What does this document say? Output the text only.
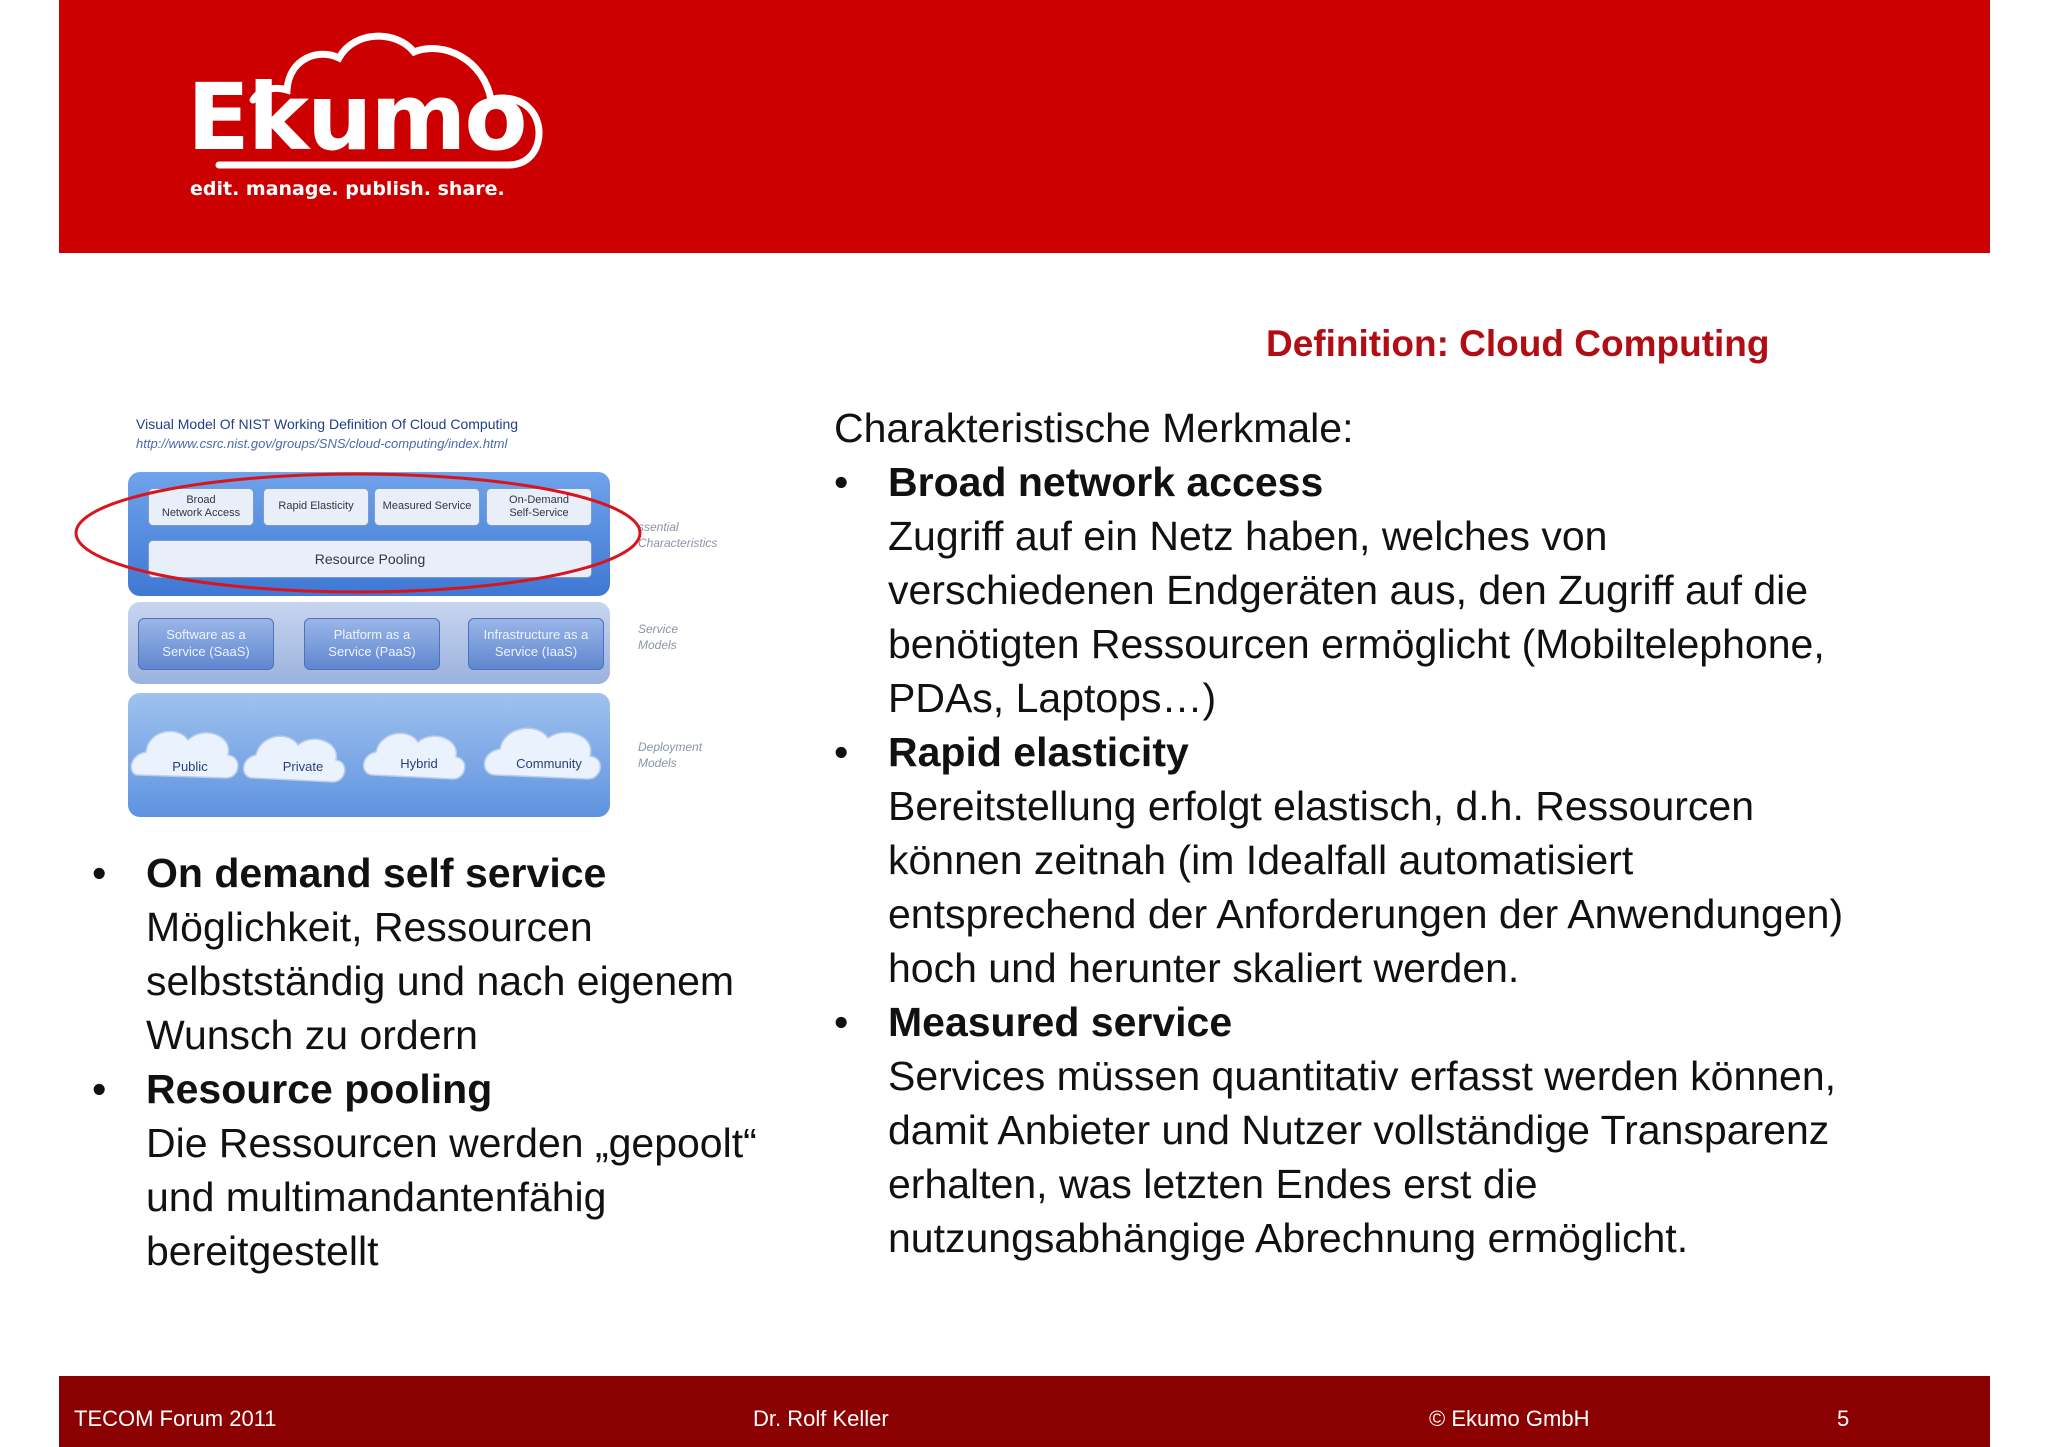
Ekumo
edit. manage. publish. share.
Definition: Cloud Computing
Visual Model Of NIST Working Definition Of Cloud Computing
http://www.csrc.nist.gov/groups/SNS/cloud-computing/index.html
Broad
Network Access
Rapid Elasticity	Measured Service
On-Demand
Self-Service
Resource Pooling
Software as a
Service (SaaS)
Platform as a
Service (PaaS)
Infrastructure as a
Service (IaaS)
Public	Private	Hybrid	Community
ssential
Characteristics
Service
Models
Deployment
Models
• On demand self service
Möglichkeit, Ressourcen
selbstständig und nach eigenem
Wunsch zu ordern
• Resource pooling
Die Ressourcen werden „gepoolt“
und multimandantenfähig
bereitgestellt
Charakteristische Merkmale:
• Broad network access
Zugriff auf ein Netz haben, welches von
verschiedenen Endgeräten aus, den Zugriff auf die
benötigten Ressourcen ermöglicht (Mobiltelephone,
PDAs, Laptops…)
• Rapid elasticity
Bereitstellung erfolgt elastisch, d.h. Ressourcen
können zeitnah (im Idealfall automatisiert
entsprechend der Anforderungen der Anwendungen)
hoch und herunter skaliert werden.
• Measured service
Services müssen quantitativ erfasst werden können,
damit Anbieter und Nutzer vollständige Transparenz
erhalten, was letzten Endes erst die
nutzungsabhängige Abrechnung ermöglicht.
TECOM Forum 2011	Dr. Rolf Keller	© Ekumo GmbH	5
